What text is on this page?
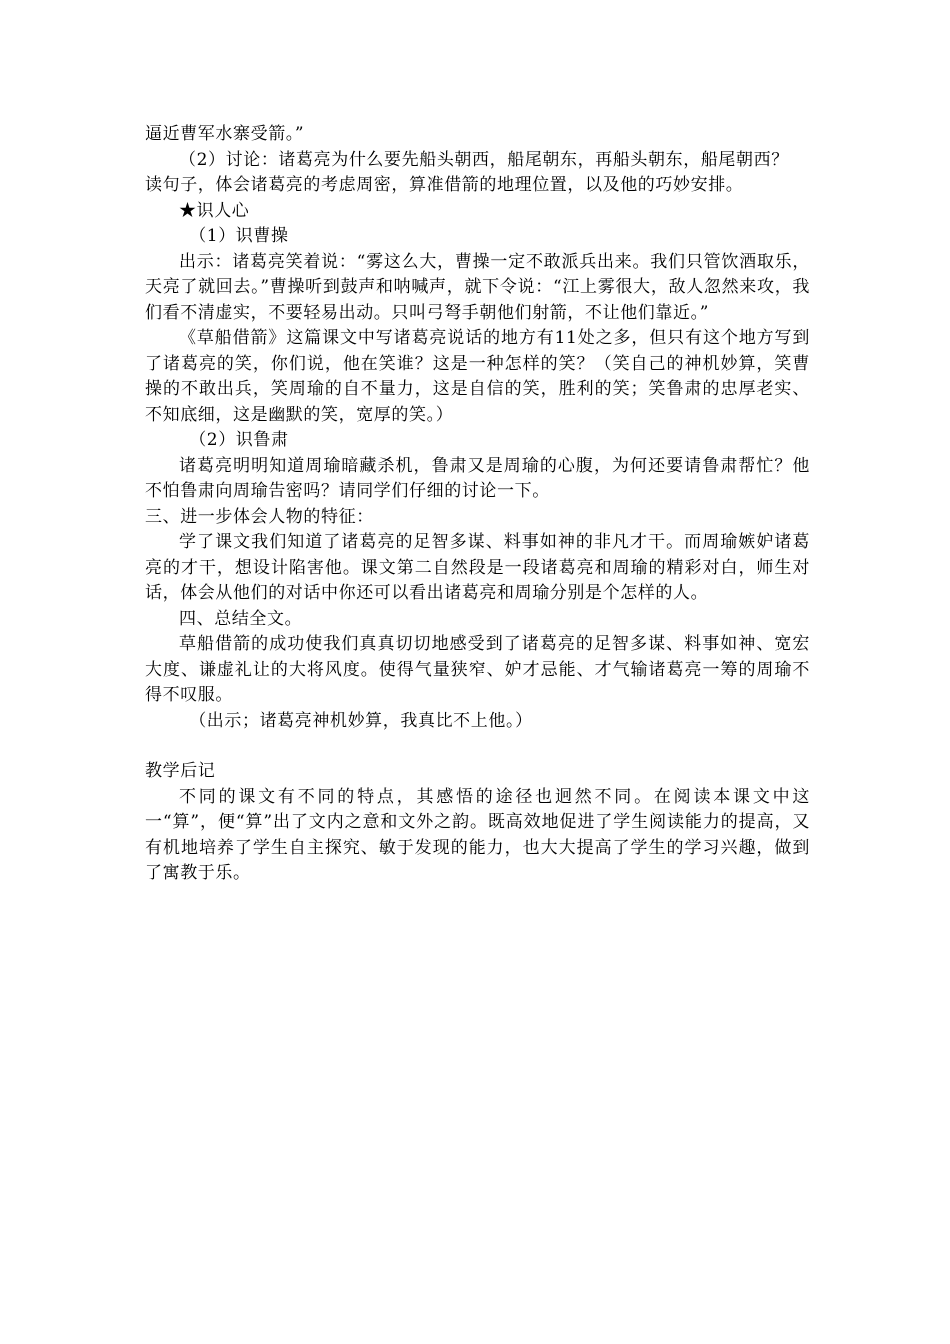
逼近曹军水寨受箭。”

（2）讨论：诸葛亮为什么要先船头朝西，船尾朝东，再船头朝东，船尾朝西？

读句子，体会诸葛亮的考虑周密，算准借箭的地理位置，以及他的巧妙安排。

★识人心

（1）识曹操

出示：诸葛亮笑着说：“雾这么大，曹操一定不敢派兵出来。我们只管饮酒取乐，天亮了就回去。”曹操听到鼓声和呐喊声，就下令说：“江上雾很大，敌人忽然来攻，我们看不清虚实，不要轻易出动。只叫弓弩手朝他们射箭，不让他们靠近。”

《草船借箭》这篇课文中写诸葛亮说话的地方有11处之多，但只有这个地方写到了诸葛亮的笑，你们说，他在笑谁？这是一种怎样的笑？（笑自己的神机妙算，笑曹操的不敢出兵，笑周瑜的自不量力，这是自信的笑，胜利的笑；笑鲁肃的忠厚老实、不知底细，这是幽默的笑，宽厚的笑。）

（2）识鲁肃

诸葛亮明明知道周瑜暗藏杀机，鲁肃又是周瑜的心腹，为何还要请鲁肃帮忙？他不怕鲁肃向周瑜告密吗？请同学们仔细的讨论一下。

三、进一步体会人物的特征：

学了课文我们知道了诸葛亮的足智多谋、料事如神的非凡才干。而周瑜嫉妒诸葛亮的才干，想设计陷害他。课文第二自然段是一段诸葛亮和周瑜的精彩对白，师生对话，体会从他们的对话中你还可以看出诸葛亮和周瑜分别是个怎样的人。

四、总结全文。

草船借箭的成功使我们真真切切地感受到了诸葛亮的足智多谋、料事如神、宽宏大度、谦虚礼让的大将风度。使得气量狭窄、妒才忌能、才气输诸葛亮一筹的周瑜不得不叹服。

（出示；诸葛亮神机妙算，我真比不上他。）

教学后记

不同的课文有不同的特点，其感悟的途径也迥然不同。在阅读本课文中这一“算”，便“算”出了文内之意和文外之韵。既高效地促进了学生阅读能力的提高，又有机地培养了学生自主探究、敏于发现的能力，也大大提高了学生的学习兴趣，做到了寓教于乐。
